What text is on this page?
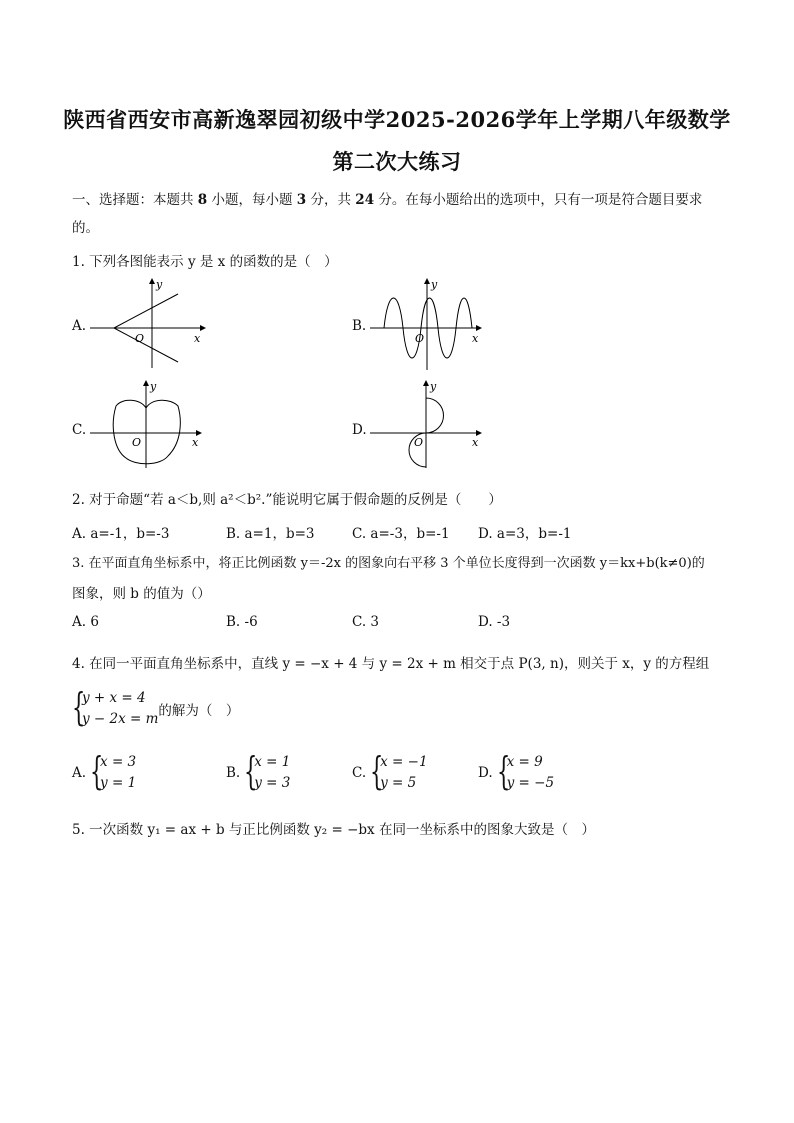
陕西省西安市高新逸翠园初级中学2025-2026学年上学期八年级数学
第二次大练习
一、选择题：本题共 8 小题，每小题 3 分，共 24 分。在每小题给出的选项中，只有一项是符合题目要求
的。
1. 下列各图能表示 y 是 x 的函数的是（　）
A.
y
x
O
B.
y
x
O
C.
y
x
O
D.
y
x
O
2. 对于命题“若 a＜b,则 a²＜b².”能说明它属于假命题的反例是（　　）
A. a=-1，b=-3	B. a=1，b=3	C. a=-3，b=-1 D. a=3，b=-1
3. 在平面直角坐标系中，将正比例函数 y＝-2x 的图象向右平移 3 个单位长度得到一次函数 y＝kx+b(k≠0)的
图象，则 b 的值为（）
A. 6	B. -6	C. 3	D. -3
4. 在同一平面直角坐标系中，直线 y = −x + 4 与 y = 2x + m 相交于点 P(3, n)，则关于 x，y 的方程组
{
y + x = 4
y − 2x = m 的解为（　）
A. {
x = 3
y = 1
B. {
x = 1
y = 3
C. {
x = −1
y = 5
D. {
x = 9
y = −5
5. 一次函数 y₁ = ax + b 与正比例函数 y₂ = −bx 在同一坐标系中的图象大致是（　）
